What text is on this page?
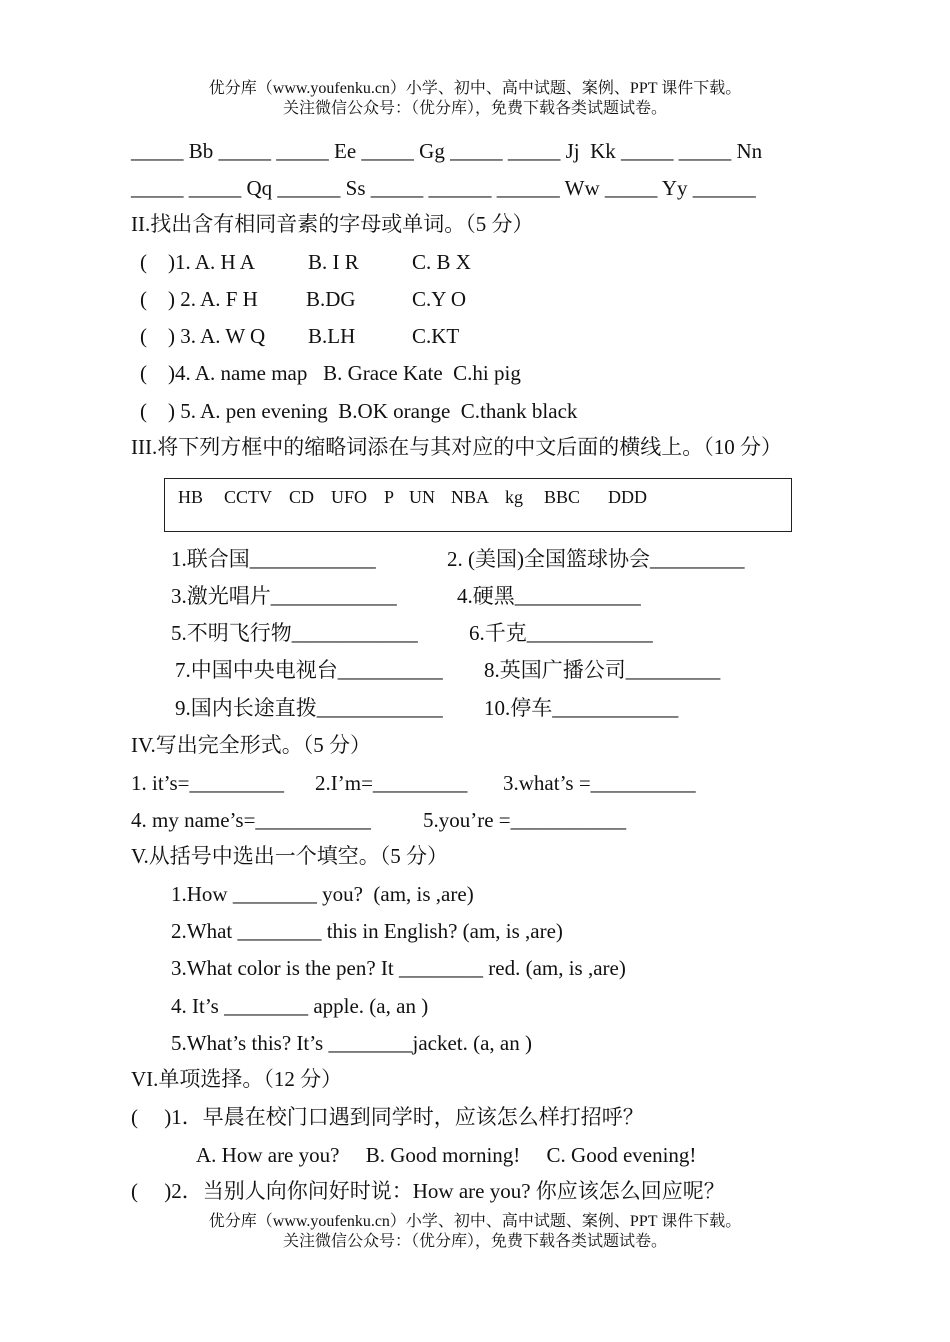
优分库（www.youfenku.cn）小学、初中、高中试题、案例、PPT 课件下载。
关注微信公众号：（优分库），免费下载各类试题试卷。
_____ Bb _____ _____ Ee _____ Gg _____ _____ Jj  Kk _____ _____ Nn
_____ _____ Qq ______ Ss _____ ______ ______ Ww _____ Yy ______
II.找出含有相同音素的字母或单词。（5 分）
(    )1. A. H A	B. I R	C. B X
(    ) 2. A. F H B.DG	C.Y O
(    ) 3. A. W Q B.LH	C.KT
(    )4. A. name map   B. Grace Kate  C.hi pig
(    ) 5. A. pen evening  B.OK orange  C.thank black
III.将下列方框中的缩略词添在与其对应的中文后面的横线上。（10 分）
HB CCTV CD UFO P UN NBA kg BBC DDD
1.联合国____________	2. (美国)全国篮球协会_________
3.激光唱片____________	4.硬黑____________
5.不明飞行物____________ 6.千克____________
7.中国中央电视台__________ 8.英国广播公司_________
9.国内长途直拨____________ 10.停车____________
IV.写出完全形式。（5 分）
1. it’s=_________ 2.I’m=_________ 3.what’s =__________
4. my name’s=___________ 5.you’re =___________
V.从括号中选出一个填空。（5 分）
1.How ________ you?  (am, is ,are)
2.What ________ this in English? (am, is ,are)
3.What color is the pen? It ________ red. (am, is ,are)
4. It’s ________ apple. (a, an )
5.What’s this? It’s ________jacket. (a, an )
VI.单项选择。（12 分）
(     )1．早晨在校门口遇到同学时，应该怎么样打招呼？
A. How are you?     B. Good morning!     C. Good evening!
(     )2．当别人向你问好时说：How are you? 你应该怎么回应呢？
优分库（www.youfenku.cn）小学、初中、高中试题、案例、PPT 课件下载。
关注微信公众号：（优分库），免费下载各类试题试卷。
